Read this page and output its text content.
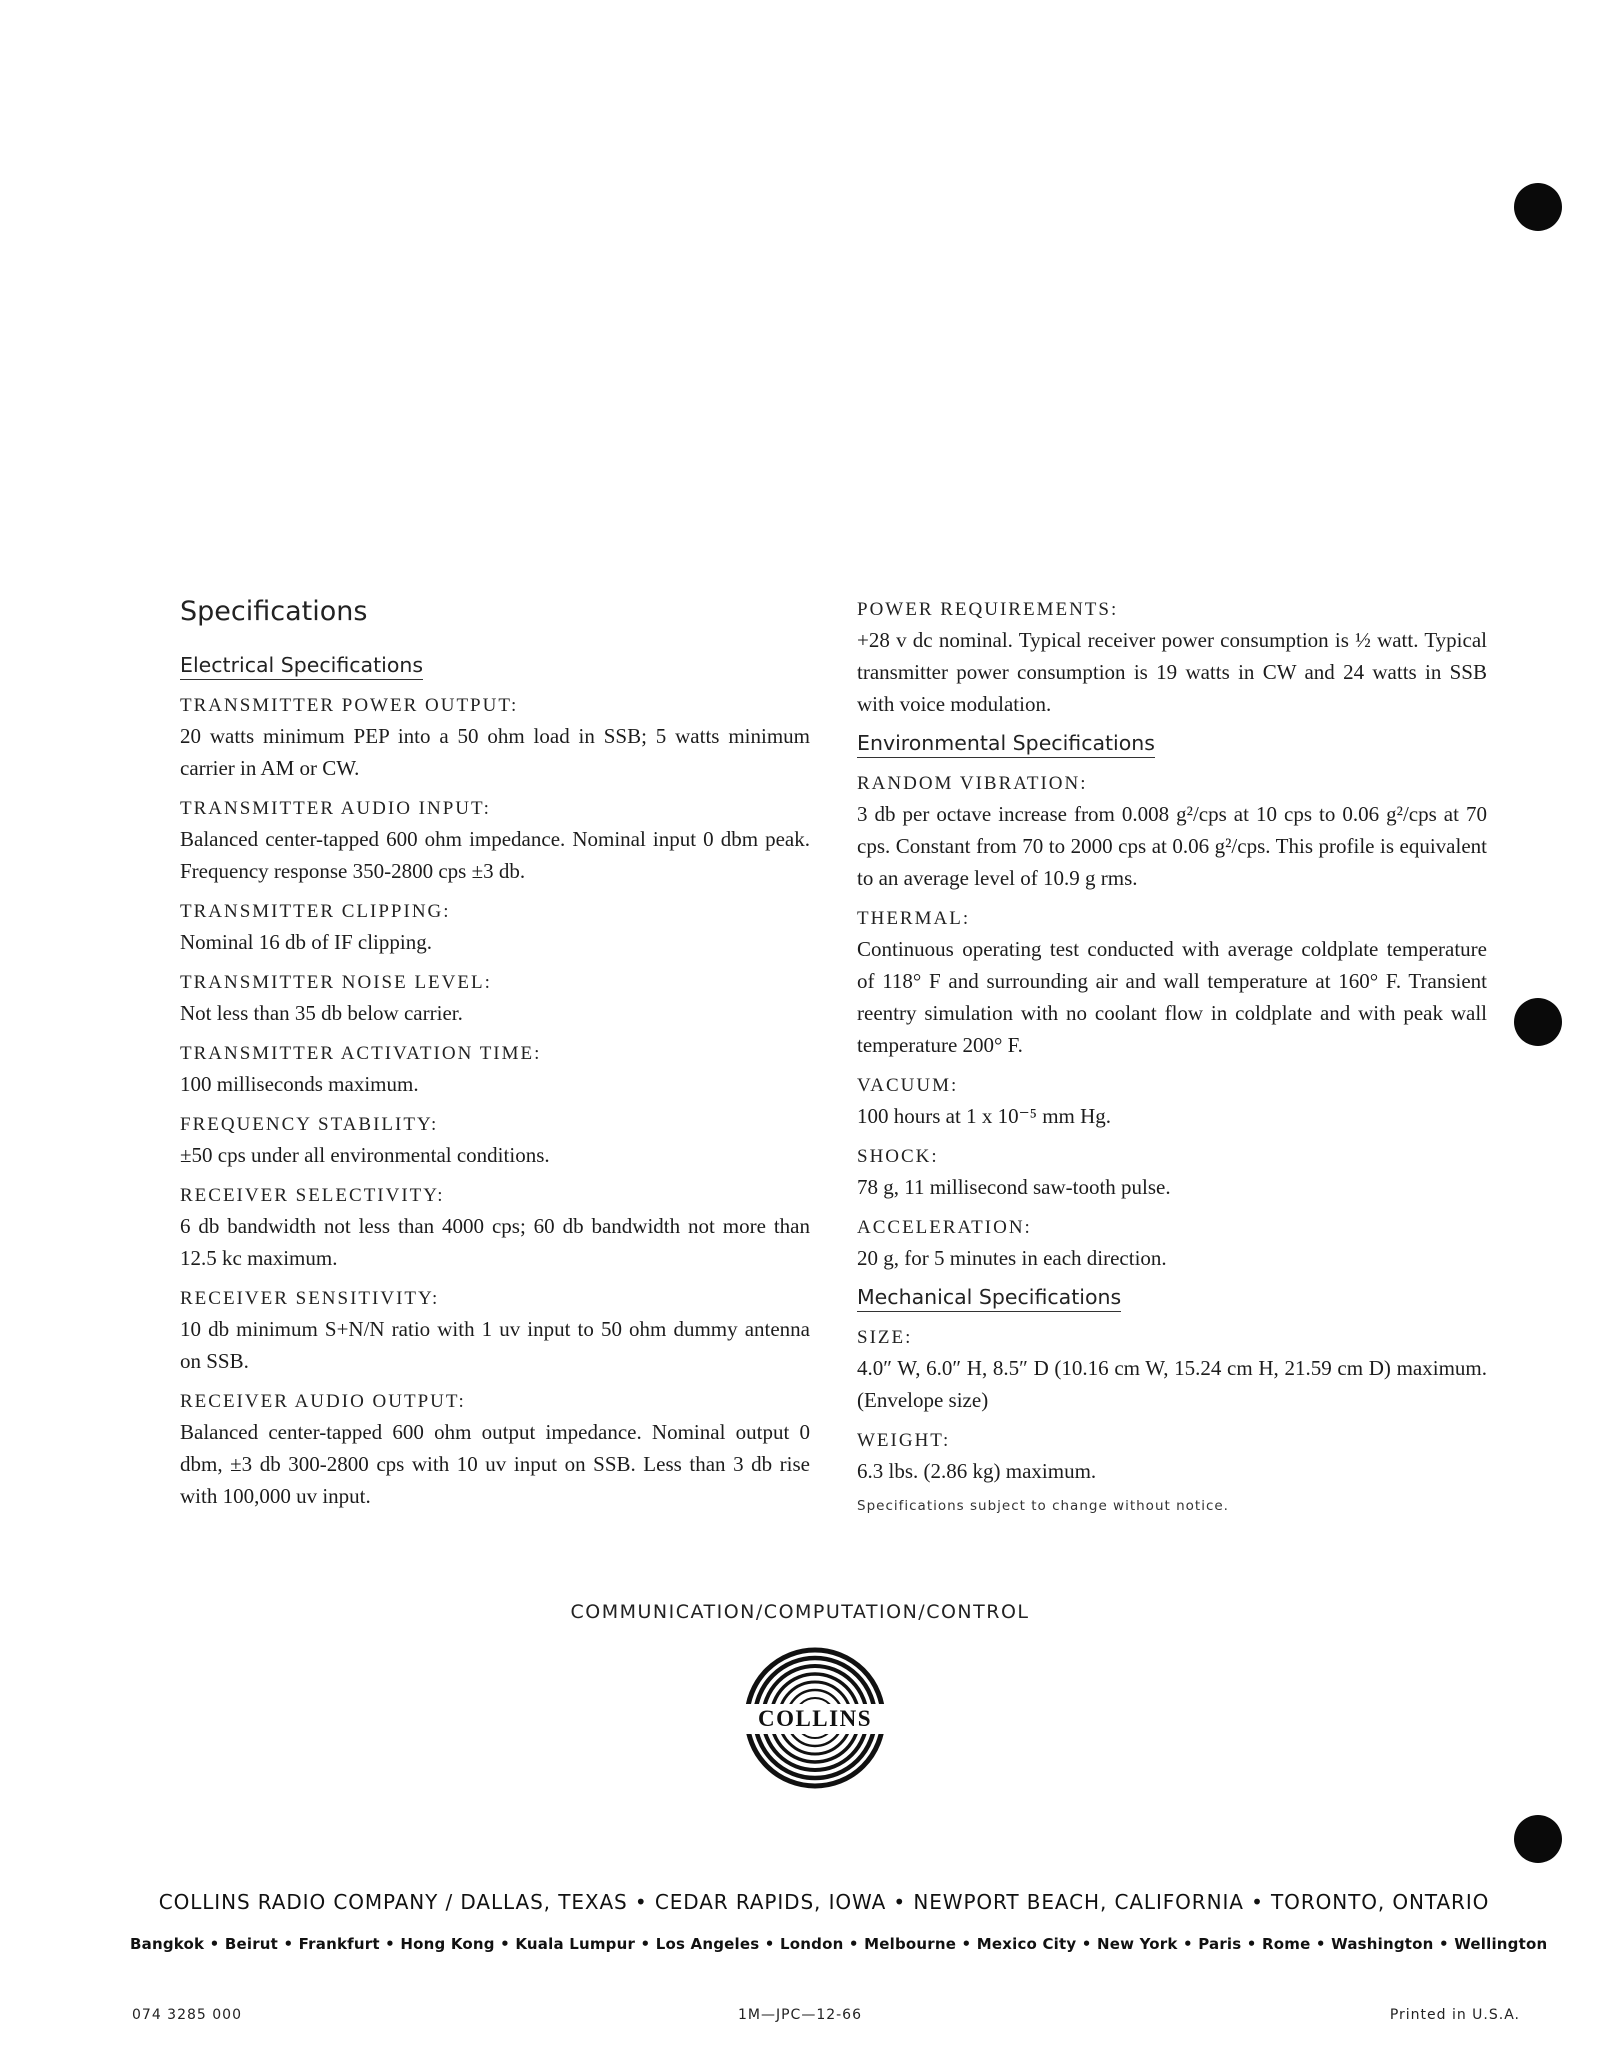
Specifications
Electrical Specifications
TRANSMITTER POWER OUTPUT:
20 watts minimum PEP into a 50 ohm load in SSB; 5 watts minimum carrier in AM or CW.
TRANSMITTER AUDIO INPUT:
Balanced center-tapped 600 ohm impedance. Nominal input 0 dbm peak. Frequency response 350-2800 cps ±3 db.
TRANSMITTER CLIPPING:
Nominal 16 db of IF clipping.
TRANSMITTER NOISE LEVEL:
Not less than 35 db below carrier.
TRANSMITTER ACTIVATION TIME:
100 milliseconds maximum.
FREQUENCY STABILITY:
±50 cps under all environmental conditions.
RECEIVER SELECTIVITY:
6 db bandwidth not less than 4000 cps; 60 db bandwidth not more than 12.5 kc maximum.
RECEIVER SENSITIVITY:
10 db minimum S+N/N ratio with 1 uv input to 50 ohm dummy antenna on SSB.
RECEIVER AUDIO OUTPUT:
Balanced center-tapped 600 ohm output impedance. Nominal output 0 dbm, ±3 db 300-2800 cps with 10 uv input on SSB. Less than 3 db rise with 100,000 uv input.
POWER REQUIREMENTS:
+28 v dc nominal. Typical receiver power consumption is ½ watt. Typical transmitter power consumption is 19 watts in CW and 24 watts in SSB with voice modulation.
Environmental Specifications
RANDOM VIBRATION:
3 db per octave increase from 0.008 g²/cps at 10 cps to 0.06 g²/cps at 70 cps. Constant from 70 to 2000 cps at 0.06 g²/cps. This profile is equivalent to an average level of 10.9 g rms.
THERMAL:
Continuous operating test conducted with average coldplate temperature of 118° F and surrounding air and wall temperature at 160° F. Transient reentry simulation with no coolant flow in coldplate and with peak wall temperature 200° F.
VACUUM:
100 hours at 1 x 10⁻⁵ mm Hg.
SHOCK:
78 g, 11 millisecond saw-tooth pulse.
ACCELERATION:
20 g, for 5 minutes in each direction.
Mechanical Specifications
SIZE:
4.0″ W, 6.0″ H, 8.5″ D (10.16 cm W, 15.24 cm H, 21.59 cm D) maximum. (Envelope size)
WEIGHT:
6.3 lbs. (2.86 kg) maximum.
Specifications subject to change without notice.
COMMUNICATION/COMPUTATION/CONTROL
COLLINS
COLLINS RADIO COMPANY / DALLAS, TEXAS • CEDAR RAPIDS, IOWA • NEWPORT BEACH, CALIFORNIA • TORONTO, ONTARIO
Bangkok • Beirut • Frankfurt • Hong Kong • Kuala Lumpur • Los Angeles • London • Melbourne • Mexico City • New York • Paris • Rome • Washington • Wellington
074 3285 000	1M—JPC—12-66	Printed in U.S.A.
